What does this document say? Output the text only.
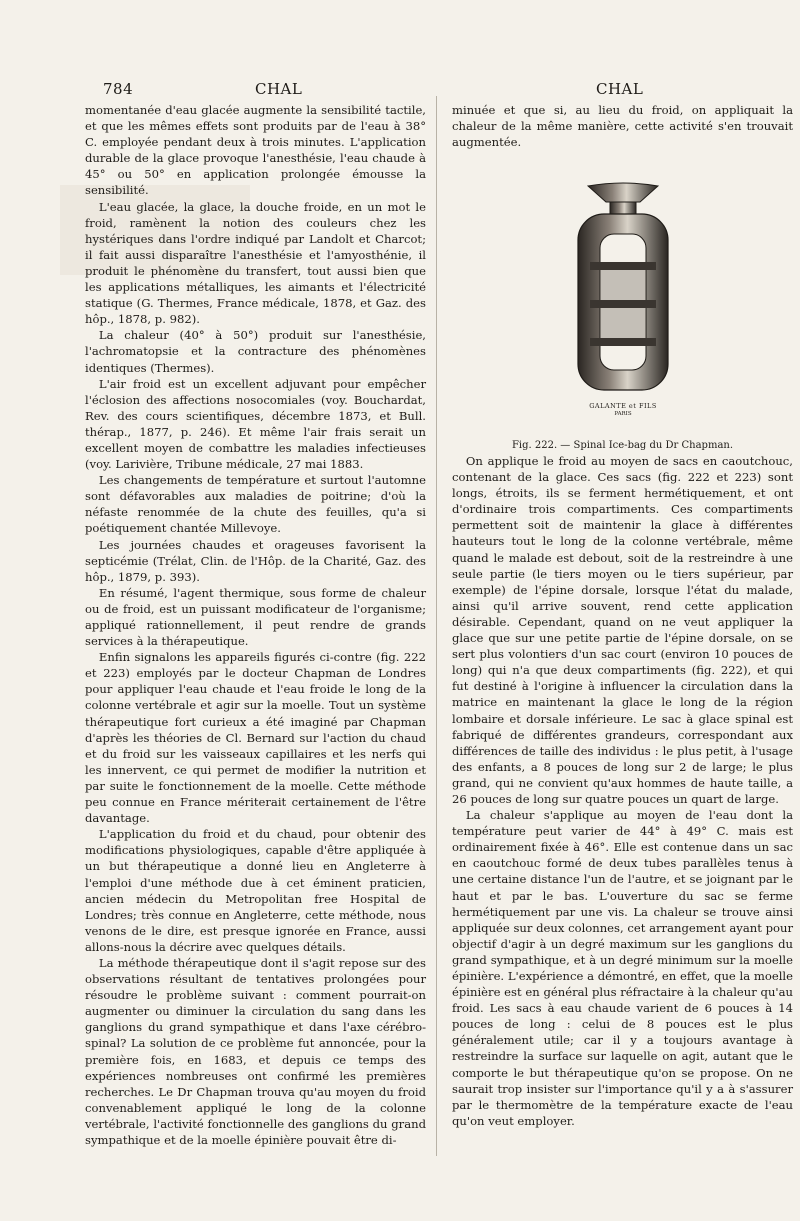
784	CHAL	CHAL

momentanée d'eau glacée augmente la sensibilité tactile, et que les mêmes effets sont produits par de l'eau à 38° C. employée pendant deux à trois minutes. L'application durable de la glace provoque l'anesthésie, l'eau chaude à 45° ou 50° en application prolongée émousse la sensibilité.

L'eau glacée, la glace, la douche froide, en un mot le froid, ramènent la notion des couleurs chez les hystériques dans l'ordre indiqué par Landolt et Charcot; il fait aussi disparaître l'anesthésie et l'amyosthénie, il produit le phénomène du transfert, tout aussi bien que les applications métalliques, les aimants et l'électricité statique (G. Thermes, France médicale, 1878, et Gaz. des hôp., 1878, p. 982).

La chaleur (40° à 50°) produit sur l'anesthésie, l'achromatopsie et la contracture des phénomènes identiques (Thermes).

L'air froid est un excellent adjuvant pour empêcher l'éclosion des affections nosocomiales (voy. Bouchardat, Rev. des cours scientifiques, décembre 1873, et Bull. thérap., 1877, p. 246). Et même l'air frais serait un excellent moyen de combattre les maladies infectieuses (voy. Larivière, Tribune médicale, 27 mai 1883.

Les changements de température et surtout l'automne sont défavorables aux maladies de poitrine; d'où la néfaste renommée de la chute des feuilles, qu'a si poétiquement chantée Millevoye.

Les journées chaudes et orageuses favorisent la septicémie (Trélat, Clin. de l'Hôp. de la Charité, Gaz. des hôp., 1879, p. 393).

En résumé, l'agent thermique, sous forme de chaleur ou de froid, est un puissant modificateur de l'organisme; appliqué rationnellement, il peut rendre de grands services à la thérapeutique.

Enfin signalons les appareils figurés ci-contre (fig. 222 et 223) employés par le docteur Chapman de Londres pour appliquer l'eau chaude et l'eau froide le long de la colonne vertébrale et agir sur la moelle. Tout un système thérapeutique fort curieux a été imaginé par Chapman d'après les théories de Cl. Bernard sur l'action du chaud et du froid sur les vaisseaux capillaires et les nerfs qui les innervent, ce qui permet de modifier la nutrition et par suite le fonctionnement de la moelle. Cette méthode peu connue en France mériterait certainement de l'être davantage.

L'application du froid et du chaud, pour obtenir des modifications physiologiques, capable d'être appliquée à un but thérapeutique a donné lieu en Angleterre à l'emploi d'une méthode due à cet éminent praticien, ancien médecin du Metropolitan free Hospital de Londres; très connue en Angleterre, cette méthode, nous venons de le dire, est presque ignorée en France, aussi allons-nous la décrire avec quelques détails.

La méthode thérapeutique dont il s'agit repose sur des observations résultant de tentatives prolongées pour résoudre le problème suivant : comment pourrait-on augmenter ou diminuer la circulation du sang dans les ganglions du grand sympathique et dans l'axe cérébro-spinal? La solution de ce problème fut annoncée, pour la première fois, en 1683, et depuis ce temps des expériences nombreuses ont confirmé les premières recherches. Le Dr Chapman trouva qu'au moyen du froid convenablement appliqué le long de la colonne vertébrale, l'activité fonctionnelle des ganglions du grand sympathique et de la moelle épinière pouvait être di-

minuée et que si, au lieu du froid, on appliquait la chaleur de la même manière, cette activité s'en trouvait augmentée.

GALANTE et FILS
PARIS
Fig. 222. — Spinal Ice-bag du Dr Chapman.

On applique le froid au moyen de sacs en caoutchouc, contenant de la glace. Ces sacs (fig. 222 et 223) sont longs, étroits, ils se ferment hermétiquement, et ont d'ordinaire trois compartiments. Ces compartiments permettent soit de maintenir la glace à différentes hauteurs tout le long de la colonne vertébrale, même quand le malade est debout, soit de la restreindre à une seule partie (le tiers moyen ou le tiers supérieur, par exemple) de l'épine dorsale, lorsque l'état du malade, ainsi qu'il arrive souvent, rend cette application désirable. Cependant, quand on ne veut appliquer la glace que sur une petite partie de l'épine dorsale, on se sert plus volontiers d'un sac court (environ 10 pouces de long) qui n'a que deux compartiments (fig. 222), et qui fut destiné à l'origine à influencer la circulation dans la matrice en maintenant la glace le long de la région lombaire et dorsale inférieure. Le sac à glace spinal est fabriqué de différentes grandeurs, correspondant aux différences de taille des individus : le plus petit, à l'usage des enfants, a 8 pouces de long sur 2 de large; le plus grand, qui ne convient qu'aux hommes de haute taille, a 26 pouces de long sur quatre pouces un quart de large.

La chaleur s'applique au moyen de l'eau dont la température peut varier de 44° à 49° C. mais est ordinairement fixée à 46°. Elle est contenue dans un sac en caoutchouc formé de deux tubes parallèles tenus à une certaine distance l'un de l'autre, et se joignant par le haut et par le bas. L'ouverture du sac se ferme hermétiquement par une vis. La chaleur se trouve ainsi appliquée sur deux colonnes, cet arrangement ayant pour objectif d'agir à un degré maximum sur les ganglions du grand sympathique, et à un degré minimum sur la moelle épinière. L'expérience a démontré, en effet, que la moelle épinière est en général plus réfractaire à la chaleur qu'au froid. Les sacs à eau chaude varient de 6 pouces à 14 pouces de long : celui de 8 pouces est le plus généralement utile; car il y a toujours avantage à restreindre la surface sur laquelle on agit, autant que le comporte le but thérapeutique qu'on se propose. On ne saurait trop insister sur l'importance qu'il y a à s'assurer par le thermomètre de la température exacte de l'eau qu'on veut employer.
